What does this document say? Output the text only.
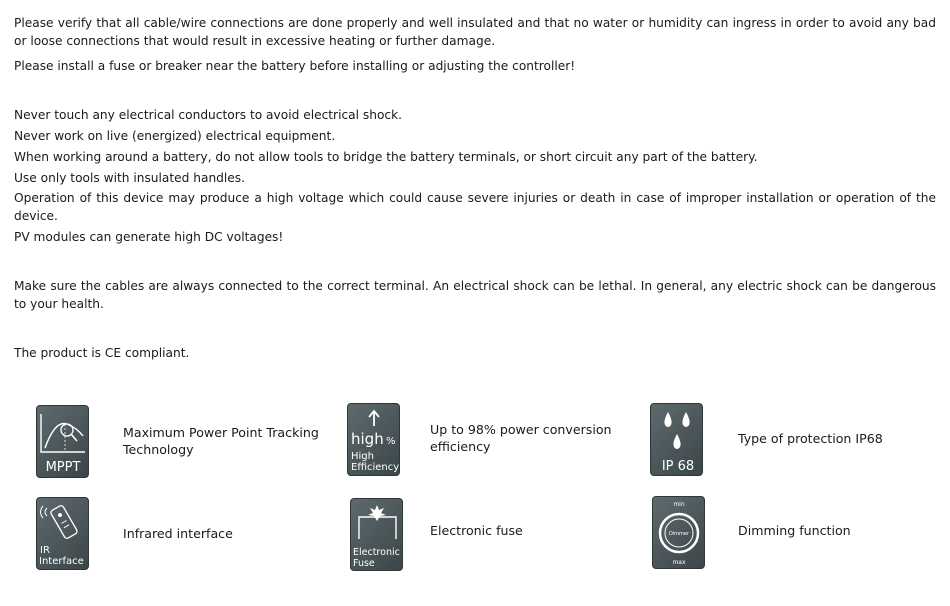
Please verify that all cable/wire connections are done properly and well insulated and that no water or humidity can ingress in order to avoid any bad or loose connections that would result in excessive heating or further damage.

Please install a fuse or breaker near the battery before installing or adjusting the controller!

Never touch any electrical conductors to avoid electrical shock.

Never work on live (energized) electrical equipment.

When working around a battery, do not allow tools to bridge the battery terminals, or short circuit any part of the battery.

Use only tools with insulated handles.

Operation of this device may produce a high voltage which could cause severe injuries or death in case of improper installation or operation of the device.

PV modules can generate high DC voltages!

Make sure the cables are always connected to the correct terminal. An electrical shock can be lethal. In general, any electric shock can be dangerous to your health.

The product is CE compliant.

MPPT
Maximum Power Point Tracking Technology
high %
High
Efficiency
Up to 98% power conversion efficiency
IP 68
Type of protection IP68
IR
Interface
Infrared interface
Electronic
Fuse
Electronic fuse
min
Dimmer
max
Dimming function
